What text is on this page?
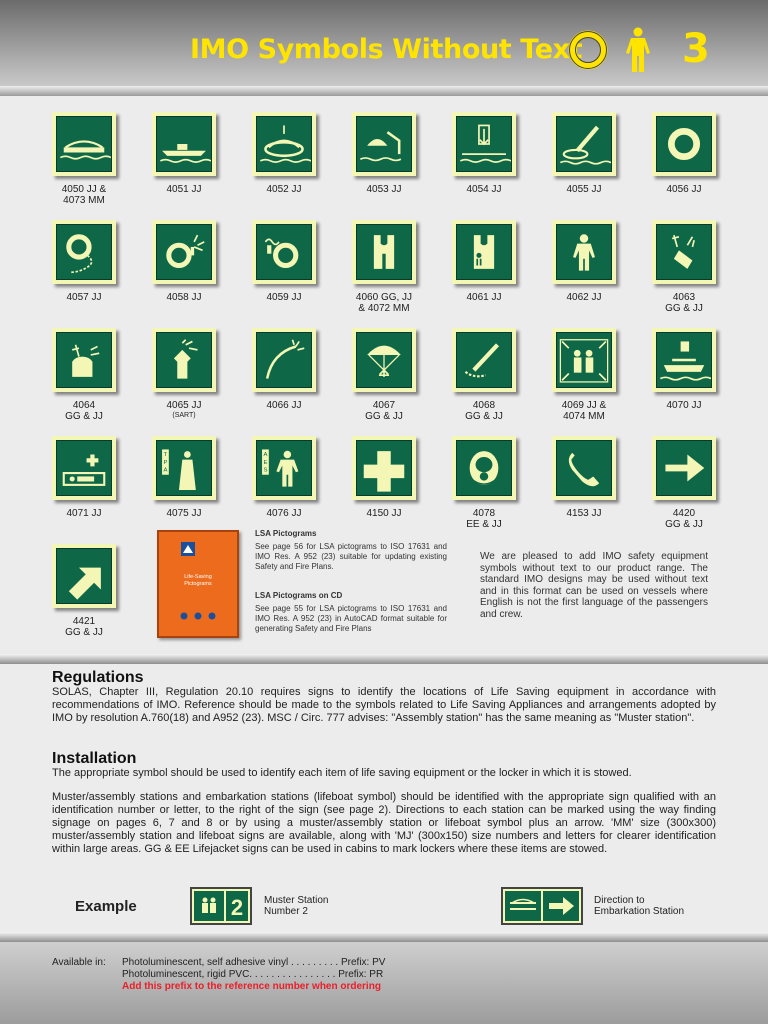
IMO Symbols Without Text 3
4050 JJ &
4073 MM
4051 JJ	4052 JJ	4053 JJ	4054 JJ	4055 JJ	4056 JJ
4057 JJ	4058 JJ	4059 JJ	4060 GG, JJ
& 4072 MM
4061 JJ	4062 JJ	4063
GG & JJ
4064
GG & JJ
4065 JJ
(SART)
4066 JJ	4067
GG & JJ
4068
GG & JJ
4069 JJ &
4074 MM
4070 JJ
4071 JJ
T
P
A
4075 JJ
A
E
S
4076 JJ	4150 JJ	4078
EE & JJ
4153 JJ	4420
GG & JJ
4421
GG & JJ
Life-Saving
Pictograms
LSA Pictograms
See page 56 for LSA pictograms to ISO 17631 and IMO Res. A 952 (23) suitable for updating existing Safety and Fire Plans.
LSA Pictograms on CD
See page 55 for LSA pictograms to ISO 17631 and IMO Res. A 952 (23) in AutoCAD format suitable for generating Safety and Fire Plans
We are pleased to add IMO safety equipment symbols without text to our product range. The standard IMO designs may be used without text and in this format can be used on vessels where English is not the first language of the passengers and crew.
Regulations

SOLAS, Chapter III, Regulation 20.10 requires signs to identify the locations of Life Saving equipment in accordance with recommendations of IMO. Reference should be made to the symbols related to Life Saving Appliances and arrangements adopted by IMO by resolution A.760(18) and A952 (23). MSC / Circ. 777 advises: "Assembly station" has the same meaning as "Muster station".

Installation

The appropriate symbol should be used to identify each item of life saving equipment or the locker in which it is stowed.

Muster/assembly stations and embarkation stations (lifeboat symbol) should be identified with the appropriate sign qualified with an identification number or letter, to the right of the sign (see page 2). Directions to each station can be marked using the way finding signage on pages 6, 7 and 8 or by using a muster/assembly station or lifeboat symbol plus an arrow. 'MM' size (300x300) muster/assembly station and lifeboat signs are available, along with 'MJ' (300x150) size numbers and letters for clearer identification within large areas. GG & EE Lifejacket signs can be used in cabins to mark lockers where these items are stowed.

Example	2 Muster Station
Number 2
Direction to
Embarkation Station
Available in: Photoluminescent, self adhesive vinyl . . . . . . . . . Prefix: PV
Photoluminescent, rigid PVC. . . . . . . . . . . . . . . . Prefix: PR
Add this prefix to the reference number when ordering
